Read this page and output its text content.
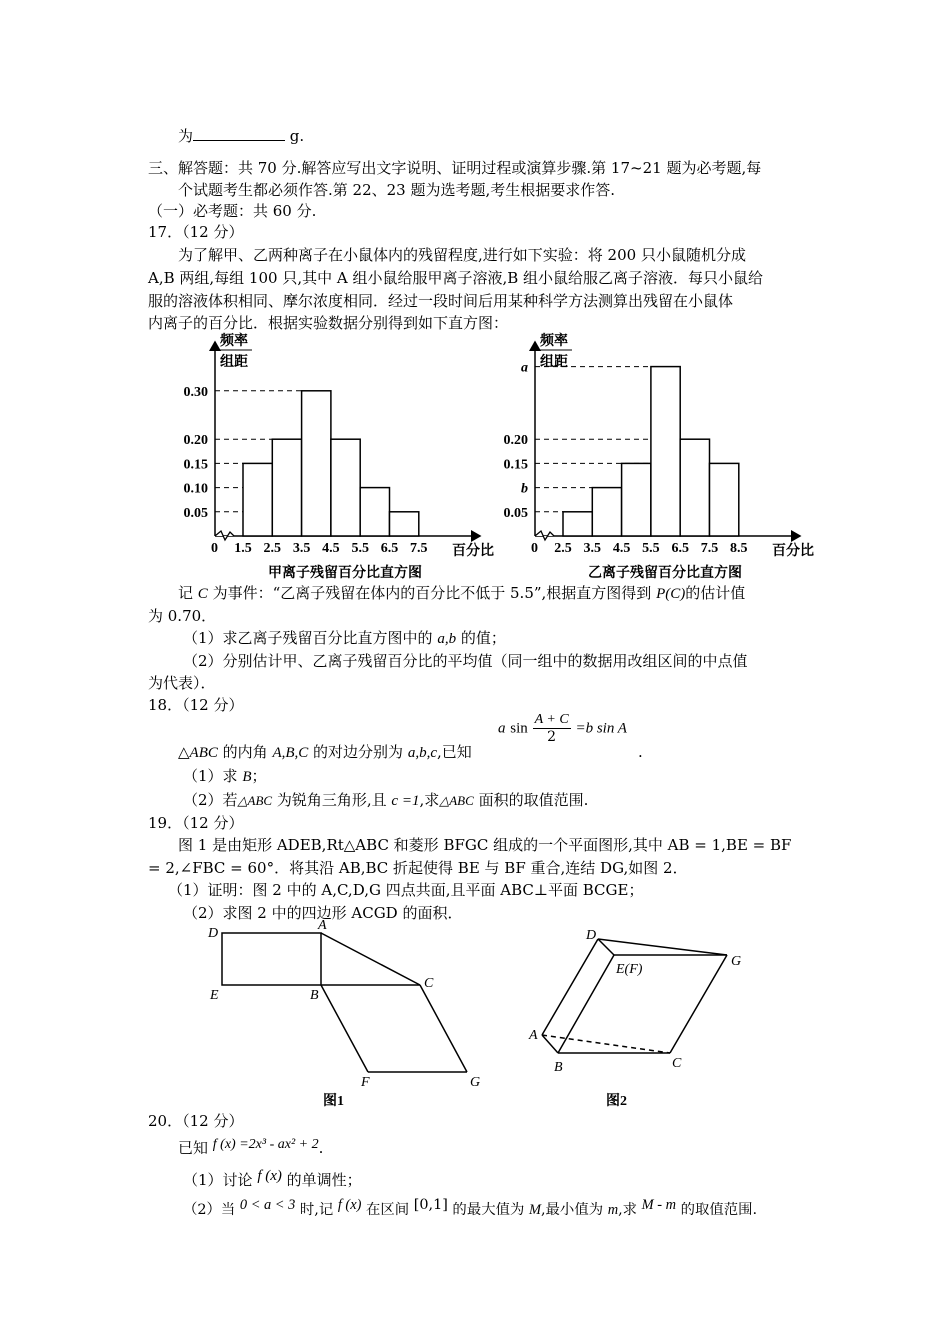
为	g.
三、解答题：共 70 分.解答应写出文字说明、证明过程或演算步骤.第 17~21 题为必考题,每
个试题考生都必须作答.第 22、23 题为选考题,考生根据要求作答.
（一）必考题：共 60 分.
17．（12 分）
为了解甲、乙两种离子在小鼠体内的残留程度,进行如下实验：将 200 只小鼠随机分成
A,B 两组,每组 100 只,其中 A 组小鼠给服甲离子溶液,B 组小鼠给服乙离子溶液．每只小鼠给
服的溶液体积相同、摩尔浓度相同．经过一段时间后用某种科学方法测算出残留在小鼠体
内离子的百分比．根据实验数据分别得到如下直方图：
频率
组距
0.30
0.20
0.15
0.10
0.05
0 1.5 2.5 3.5 4.5 5.5 6.5 7.5 百分比
甲离子残留百分比直方图
频率
组距
a
0.20
0.15
b
0.05
0 2.5 3.5 4.5 5.5 6.5 7.5 8.5 百分比
乙离子残留百分比直方图
记 C 为事件：“乙离子残留在体内的百分比不低于 5.5”,根据直方图得到 P(C)的估计值
为 0.70．
（1）求乙离子残留百分比直方图中的 a,b 的值；
（2）分别估计甲、乙离子残留百分比的平均值（同一组中的数据用改组区间的中点值
为代表）．
18．（12 分）
△ABC 的内角 A,B,C 的对边分别为 a,b,c,已知
a $\sin \frac{A + C}{2} =b$ sin A
.
（1）求 B；
（2）若△ABC 为锐角三角形,且 c =1,求△ABC 面积的取值范围.
19．（12 分）
图 1 是由矩形 ADEB,Rt△ABC 和菱形 BFGC 组成的一个平面图形,其中 AB = 1,BE = BF
= 2,∠FBC = 60°．将其沿 AB,BC 折起使得 BE 与 BF 重合,连结 DG,如图 2．
（1）证明：图 2 中的 A,C,D,G 四点共面,且平面 ABC⊥平面 BCGE；
（2）求图 2 中的四边形 ACGD 的面积．
D
A
E	B
C
F	G
图1
D
E(F)
G
A
B	C
图2
20．（12 分）
已知 f (x) =2x³ - ax² + 2.
（1）讨论 f (x) 的单调性；
（2）当 0 < a < 3 时,记 f (x) 在区间 [0,1] 的最大值为 M,最小值为 m,求 M - m 的取值范围.
